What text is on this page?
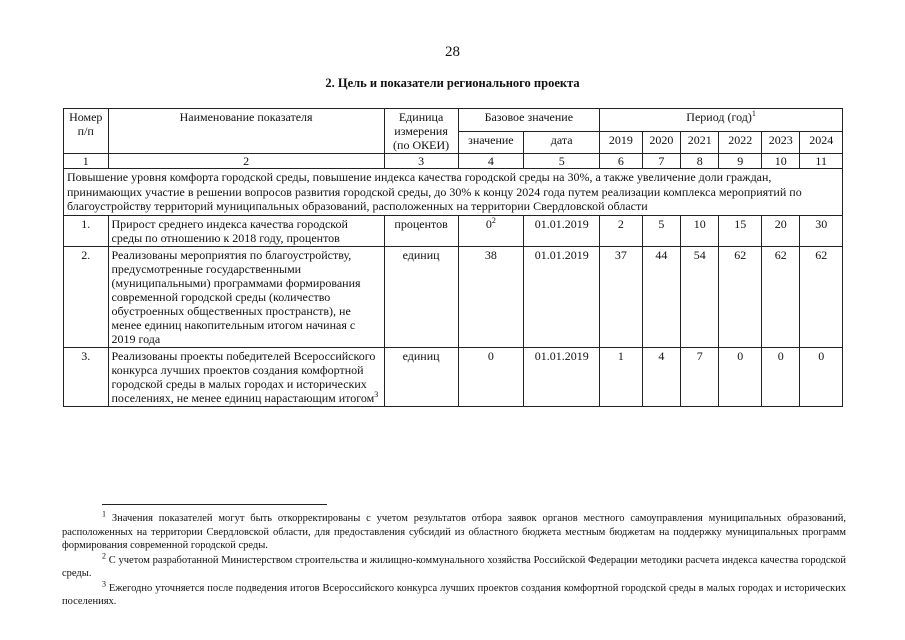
28
2. Цель и показатели регионального проекта
Номер п/п	Наименование показателя	Единица измерения (по ОКЕИ)	Базовое значение		Период (год)$^1$
			значение	дата	2019	2020	2021	2022	2023	2024
1	2	3	4	5	6	7	8	9	10	11
Повышение уровня комфорта городской среды, повышение индекса качества городской среды на 30%, а также увеличение доли граждан, принимающих участие в решении вопросов развития городской среды, до 30% к концу 2024 года путем реализации комплекса мероприятий по благоустройству территорий муниципальных образований, расположенных на территории Свердловской области										
1.	Прирост среднего индекса качества городской среды по отношению к 2018 году, процентов	процентов	$0^2$	01.01.2019	2	5	10	15	20	30
2.	Реализованы мероприятия по благоустройству, предусмотренные государственными (муниципальными) программами формирования современной городской среды (количество обустроенных общественных пространств), не менее единиц накопительным итогом начиная с 2019 года	единиц	38	01.01.2019	37	44	54	62	62	62
3.	Реализованы проекты победителей Всероссийского конкурса лучших проектов создания комфортной городской среды в малых городах и исторических поселениях, не менее единиц нарастающим итогом$^3$	единиц	0	01.01.2019	1	4	7	0	0	0

$^1$ Значения показателей могут быть откорректированы с учетом результатов отбора заявок органов местного самоуправления муниципальных образований, расположенных на территории Свердловской области, для предоставления субсидий из областного бюджета местным бюджетам на поддержку муниципальных программ формирования современной городской среды.

$^2$ С учетом разработанной Министерством строительства и жилищно-коммунального хозяйства Российской Федерации методики расчета индекса качества городской среды.

$^3$ Ежегодно уточняется после подведения итогов Всероссийского конкурса лучших проектов создания комфортной городской среды в малых городах и исторических поселениях.
